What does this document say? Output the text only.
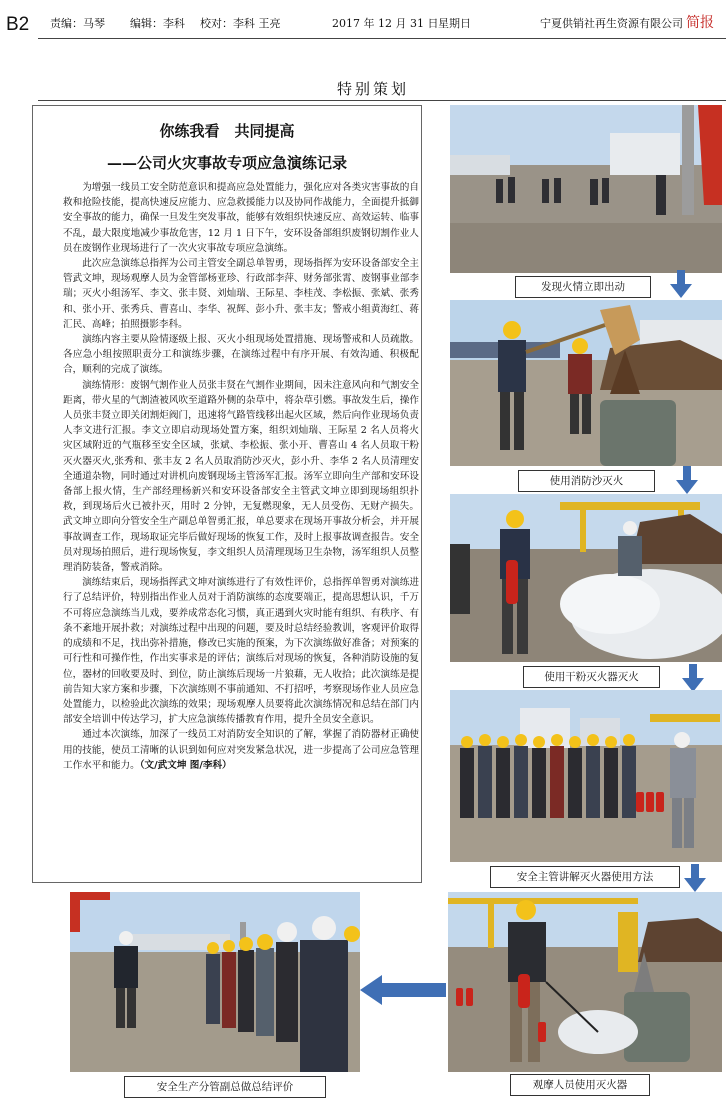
B2 责编：马琴 编辑：李科 校对：李科 王亮	2017 年 12 月 31 日 星期日	宁夏供销社再生资源有限公司 简报
特别策划
你练我看　共同提高
——公司火灾事故专项应急演练记录

为增强一线员工安全防范意识和提高应急处置能力，强化应对各类灾害事故的自救和抢险技能，提高快速反应能力、应急救援能力以及协同作战能力，全面提升抵御安全事故的能力，确保一旦发生突发事故，能够有效组织快速反应、高效运转、临事不乱，最大限度地减少事故危害，12 月 1 日下午，安环设备部组织废钢切割作业人员在废钢作业现场进行了一次火灾事故专项应急演练。

此次应急演练总指挥为公司主管安全副总单智勇，现场指挥为安环设备部安全主管武文坤，现场观摩人员为金管部杨亚珍、行政部李萍、财务部张霄、废钢事业部李瑞；灭火小组汤军、李文、张丰贤、刘灿瑞、王际星、李桂茂、李松振、张斌、张秀和、张小开、张秀兵、曹喜山、李华、祝辉、彭小升、张丰友；警戒小组黄海红、蒋汇民、高峰；拍照摄影李科。

演练内容主要从险情逐级上报、灭火小组现场处置措施、现场警戒和人员疏散。各应急小组按照职责分工和演练步骤，在演练过程中有序开展、有效沟通、积极配合，顺利的完成了演练。

演练情形：废钢气割作业人员张丰贤在气割作业期间，因未注意风向和气割安全距离，带火星的气割渣被风吹至道路外侧的杂草中，将杂草引燃。事故发生后，操作人员张丰贤立即关闭割炬阀门，迅速将气路管线移出起火区域，然后向作业现场负责人李文进行汇报。李文立即启动现场处置方案，组织刘灿瑞、王际星 2 名人员将火灾区域附近的气瓶移至安全区域，张斌、李松振、张小开、曹喜山 4 名人员取干粉灭火器灭火,张秀和、张丰友 2 名人员取消防沙灭火，彭小升、李华 2 名人员清理安全通道杂物，同时通过对讲机向废钢现场主管汤军汇报。汤军立即向生产部和安环设备部上报火情，生产部经理杨新兴和安环设备部安全主管武文坤立即到现场组织扑救，到现场后火已被扑灭，用时 2 分钟，无复燃现象，无人员受伤、无财产损失。武文坤立即向分管安全生产副总单智勇汇报，单总要求在现场开事故分析会，并开展事故调查工作，现场取证完毕后做好现场的恢复工作，及时上报事故调查报告。安全员对现场拍照后，进行现场恢复，李文组织人员清理现场卫生杂物，汤军组织人员整理消防装备，警戒消除。

演练结束后，现场指挥武文坤对演练进行了有效性评价，总指挥单智勇对演练进行了总结评价，特别指出作业人员对于消防演练的态度要端正，提高思想认识，千万不可将应急演练当儿戏，要养成常态化习惯，真正遇到火灾时能有组织、有秩序、有条不紊地开展扑救；对演练过程中出现的问题，要及时总结经验教训，客观评价取得的成绩和不足，找出弥补措施，修改已实施的预案，为下次演练做好准备；对预案的可行性和可操作性，作出实事求是的评估；演练后对现场的恢复，各种消防设施的复位，器材的回收要及时、到位，防止演练后现场一片狼藉，无人收拾；此次演练是提前告知大家方案和步骤，下次演练则不事前通知、不打招呼，考察现场作业人员应急处置能力，以检验此次演练的效果；现场观摩人员要将此次演练情况和总结在部门内部安全培训中传达学习，扩大应急演练传播教育作用，提升全员安全意识。

通过本次演练，加深了一线员工对消防安全知识的了解，掌握了消防器材正确使用的技能，使员工清晰的认识到如何应对突发紧急状况，进一步提高了公司应急管理工作水平和能力。（文/武文坤 图/李科）

发现火情立即出动
使用消防沙灭火
使用干粉灭火器灭火
安全主管讲解灭火器使用方法
观摩人员使用灭火器
安全生产分管副总做总结评价
